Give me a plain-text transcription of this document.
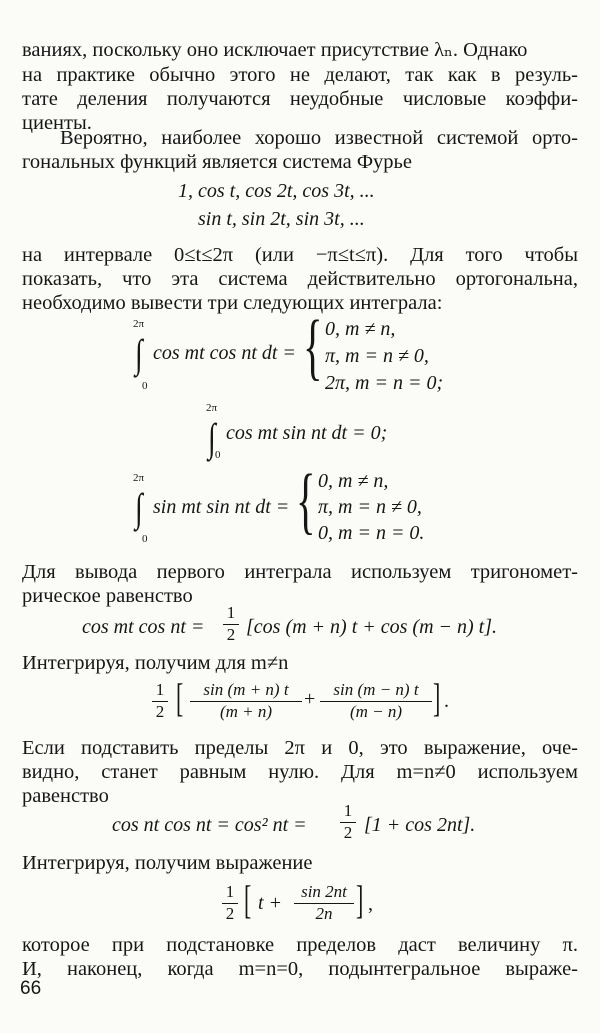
ваниях, поскольку оно исключает присутствие λₙ. Однако
на практике обычно этого не делают, так как в резуль-
тате деления получаются неудобные числовые коэффи-
циенты.
Вероятно, наиболее хорошо известной системой орто-
гональных функций является система Фурье
1, cos t, cos 2t, cos 3t, ...
sin t, sin 2t, sin 3t, ...
на интервале 0≤t≤2π (или −π≤t≤π). Для того чтобы
показать, что эта система действительно ортогональна,
необходимо вывести три следующих интеграла:
2π
∫
0
cos mt cos nt dt = { 0, m ≠ n,
π, m = n ≠ 0,
2π, m = n = 0;
2π
∫ 0
cos mt sin nt dt = 0;
2π
∫
0
sin mt sin nt dt = { 0, m ≠ n,
π, m = n ≠ 0,
0, m = n = 0.
Для вывода первого интеграла используем тригономет-
рическое равенство
cos mt cos nt = $\frac{1}{2} [\cos$ (m + n) t + cos (m − n) t].
Интегрируя, получим для m≠n
$\frac{1}{2}$ [ $\frac{\sin (m + n) t}{(m + n)} + \frac{\sin (m - n) t}{(m - n)}$ ] .
Если подставить пределы 2π и 0, это выражение, оче-
видно, станет равным нулю. Для m=n≠0 используем
равенство
cos nt cos nt = cos² nt = $\frac{1}{2} [1 + \cos 2nt]$.
Интегрируя, получим выражение
$\frac{1}{2}$ [ $t + \frac{\sin 2nt}{2n}$ ] ,
которое при подстановке пределов даст величину π.
И, наконец, когда m=n=0, подынтегральное выраже-
66
